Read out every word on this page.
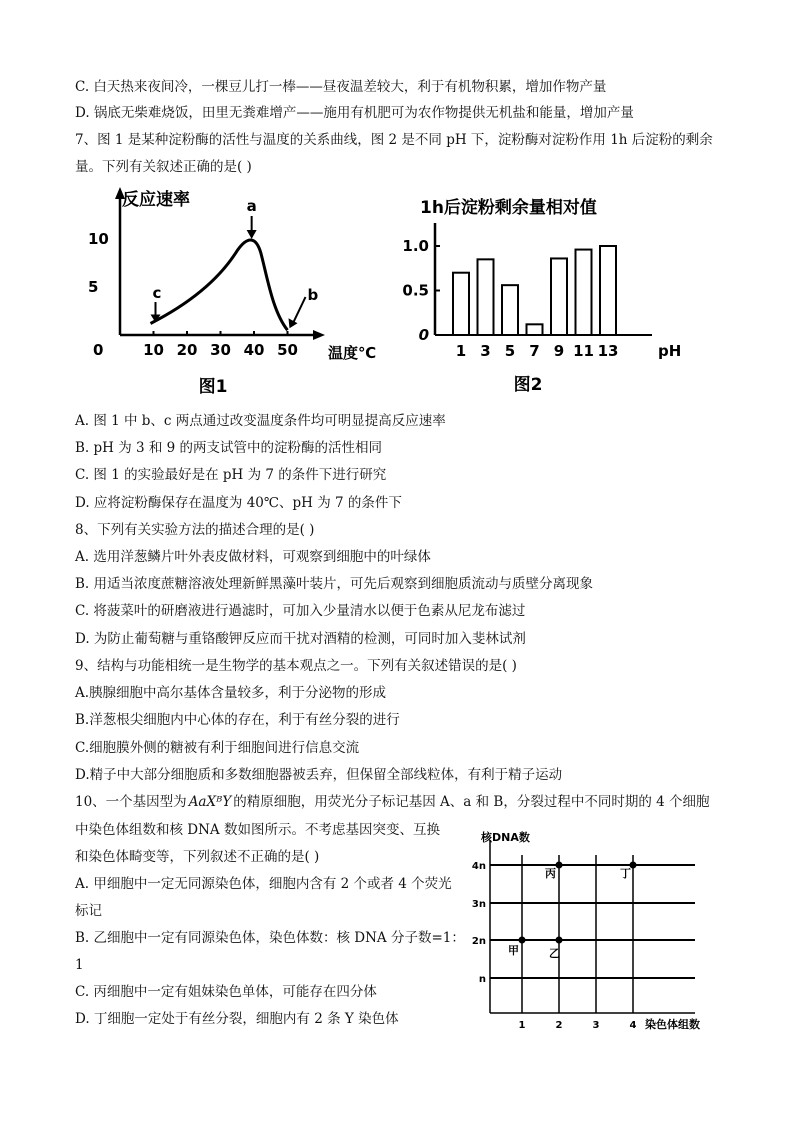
C. 白天热来夜间冷，一棵豆儿打一棒——昼夜温差较大，利于有机物积累，增加作物产量
D. 锅底无柴难烧饭，田里无粪难增产——施用有机肥可为农作物提供无机盐和能量，增加产量
7、图 1 是某种淀粉酶的活性与温度的关系曲线，图 2 是不同 pH 下，淀粉酶对淀粉作用 1h 后淀粉的剩余
量。下列有关叙述正确的是( )
反应速率
温度℃
0
10
5
10 20 30 40 50
a
c	b
图1
1h后淀粉剩余量相对值
pH
1.0
0.5
0
1 3 5 7 9 11 13
图2
A. 图 1 中 b、c 两点通过改变温度条件均可明显提高反应速率
B. pH 为 3 和 9 的两支试管中的淀粉酶的活性相同
C. 图 1 的实验最好是在 pH 为 7 的条件下进行研究
D. 应将淀粉酶保存在温度为 40℃、pH 为 7 的条件下
8、下列有关实验方法的描述合理的是( )
A. 选用洋葱鳞片叶外表皮做材料，可观察到细胞中的叶绿体
B. 用适当浓度蔗糖溶液处理新鲜黑藻叶装片，可先后观察到细胞质流动与质壁分离现象
C. 将菠菜叶的研磨液进行過滤时，可加入少量清水以便于色素从尼龙布滤过
D. 为防止葡萄糖与重铬酸钾反应而干扰对酒精的检测，可同时加入斐林试剂
9、结构与功能相统一是生物学的基本观点之一。下列有关叙述错误的是( )
A.胰腺细胞中高尔基体含量较多，利于分泌物的形成
B.洋葱根尖细胞内中心体的存在，利于有丝分裂的进行
C.细胞膜外侧的糖被有利于细胞间进行信息交流
D.精子中大部分细胞质和多数细胞器被丢弃，但保留全部线粒体，有利于精子运动
10、一个基因型为 AaXᴮY 的精原细胞，用荧光分子标记基因 A、a 和 B，分裂过程中不同时期的 4 个细胞
中染色体组数和核 DNA 数如图所示。不考虑基因突变、互换
和染色体畸变等，下列叙述不正确的是( )
A. 甲细胞中一定无同源染色体，细胞内含有 2 个或者 4 个荧光
标记
B. 乙细胞中一定有同源染色体，染色体数：核 DNA 分子数=1：
1
C. 丙细胞中一定有姐妹染色单体，可能存在四分体
D. 丁细胞一定处于有丝分裂，细胞内有 2 条 Y 染色体
核DNA数
染色体组数
4n
3n
2n
n
1	2	3	4
甲	乙
丙	丁
